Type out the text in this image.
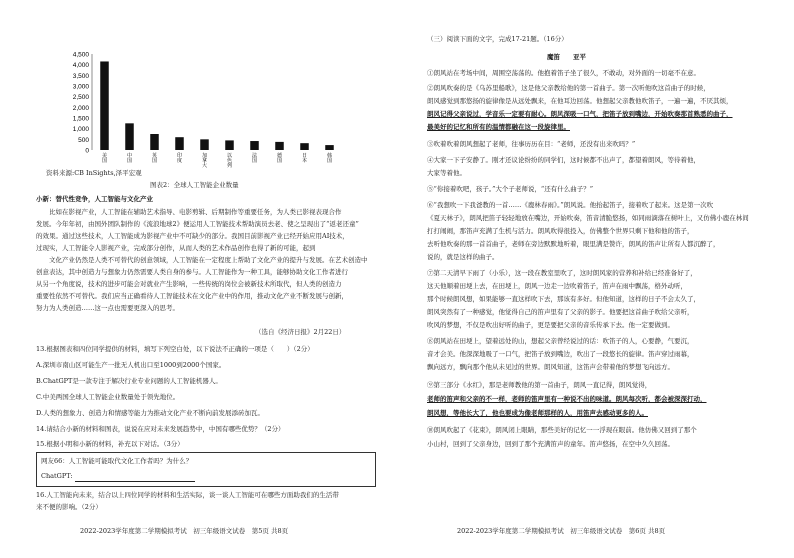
0
500
1,000
1,500
2,000
2,500
3,000
3,500
4,000
4,500
美
国
中
国
英
国
印
度
加
拿
大
以
色
列
法
国
德
国
日
本
韩
国
资料来源:CB InSights,泽平宏观
图表2：全球人工智能企业数量
小新：替代性竞争，人工智能与文化产业
　　比如在影视产业，人工智能在辅助艺术指导、电影剪辑、后期制作等重要任务，为人类已影视表现合作
发展。今年年初，由国外团队制作的《流浪地球2》便运用人工智能技术帮助演员去老、使之呈现出了“返老还童”
的效果。通过这些技术，人工智能成为影视产业中不可缺少的部分。我国目前影视产业已经开始应用AI技术，
过现实，人工智能令人影视产业，完成部分创作，从而人类的艺术作品创作也得了新的可能，起到
　　文化产业仍然是人类不可替代的创意领域，人工智能在一定程度上帮助了文化产业的提升与发展。在艺术创造中
创意表达，其中创造力与想象力仍然需要人类自身的参与。人工智能作为一种工具，能够协助文化工作者进行
从另一个角度说，技术的进步可能会对就业产生影响，一些传统的岗位会被新技术所取代，但人类的创造力
重要性依然不可替代。我们应当正确看待人工智能技术在文化产业中的作用，推动文化产业不断发展与创新，
努力为人类创造……这一点也需要更深入的思考。
（选自《经济日报》2月22日）
13.根据图表和四位同学提供的材料，填写下列空白处，以下说法不正确的一项是（　　）（2分）
A.深圳市南山区可能生产一批无人机出口至1000到2000个国家。
B.ChatGPT是一款专注于解决行业专业问题的人工智能机器人。
C.中美两国全球人工智能企业数量处于领先地位。
D.人类的想象力、创造力和情感等能力为推动文化产业不断向前发展添砖加瓦。
14.请结合小新的材料和图表，说说在应对未来发展趋势中，中国有哪些优势？（2分）
15.根据小明和小新的材料，补充以下对话。（3分）
网友66：人工智能可能取代文化工作者吗？为什么？
ChatGPT:
16.人工智能向未来，结合以上四位同学的材料和生活实际，谈一谈人工智能可在哪些方面助我们的生活带
来不便的影响。（2分）
2022-2023学年度第二学期模拟考试　初三年级语文试卷　第5页 共8页
（三）阅读下面的文字，完成17-21题。（16分）
魔笛　　亚平
①朗风站在考场中间，周围空荡荡的。他抱着笛子坐了很久，不敢动，对外面的一切毫不在意。
②朗风吹奏的是《乌苏里船歌》，这是他父亲教给他的第一首曲子。第一次听他吹这首曲子的时候，
朗风感觉到那悠扬的旋律像是从远处飘来，在他耳边回荡。他想起父亲教他吹笛子，一遍一遍，不厌其烦，
朗风记得父亲说过，学音乐一定要有耐心。朗风深吸一口气，把笛子放到嘴边，开始吹奏那首熟悉的曲子，
最美好的记忆和所有的温情都融在这一段旋律里。
③吹着吹着朗风想起了老师，往事历历在目：“老师，还没有出来吹吗？”
④大家一下子安静了。刚才还议论纷纷的同学们，这时候都不出声了，都望着朗风，等待着他，
大家等着他。
⑤“你接着吹吧，孩子。”大个子老师说，“还有什么曲子？”
⑥“我想吹一下我爸教的一首……《鹿林春雨》。”朗风说。他抬起笛子，接着吹了起来。这是第一次吹
《夏天林子》，朗风把笛子轻轻地放在嘴边，开始吹奏，笛音清脆悠扬，如同雨滴落在树叶上，又仿佛小鹿在林间
打打闹闹，那笛声充满了生机与活力。朗风吹得很投入，仿佛整个世界只剩下他和他的笛子，
去听他吹奏的那一首首曲子，老师在旁边默默地听着，眼里满是赞许，朗风的笛声让所有人都沉醉了，
说的，就是这样的曲子。
⑦第二天清早下雨了（小乐），这一段在教室里吹了，这时朗风家的营养和补给已经准备好了，
这天他顺着田埂上去，在田埂上，朗风一边走一边吹着笛子，笛声在雨中飘荡，格外动听，
那个时候朗风想，如果能够一直这样吹下去，那该有多好。但他知道，这样的日子不会太久了，
朗风突然有了一种感觉，他觉得自己的笛声里有了父亲的影子。他要把这首曲子吹给父亲听，
吹风的梦想，不仅是吹出好听的曲子，更是要把父亲的音乐传承下去。他一定要做到。
⑧朗风站在田埂上，望着远处的山，想起父亲曾经说过的话：吹笛子的人，心要静，气要沉，
音才会美。他深深地吸了一口气，把笛子放到嘴边，吹出了一段悠长的旋律。笛声穿过雨幕，
飘向远方，飘向那个他从未见过的世界。朗风知道，这笛声会带着他的梦想飞向远方。
⑨第三部分《水红》，那是老师教他的第一首曲子，朗风一直记得，朗风觉得，
老师的笛声和父亲的不一样，老师的笛声里有一种说不出的味道。朗风每次听，都会被深深打动，
朗风想，等他长大了，他也要成为像老师那样的人，用笛声去感动更多的人。
⑩朗风吹起了《花束》，朗风闭上眼睛，那些美好的记忆一一浮现在眼前。他仿佛又回到了那个
小山村，回到了父亲身边，回到了那个充满笛声的童年。笛声悠扬，在空中久久回荡。
2022-2023学年度第二学期模拟考试　初三年级语文试卷　第6页 共8页
